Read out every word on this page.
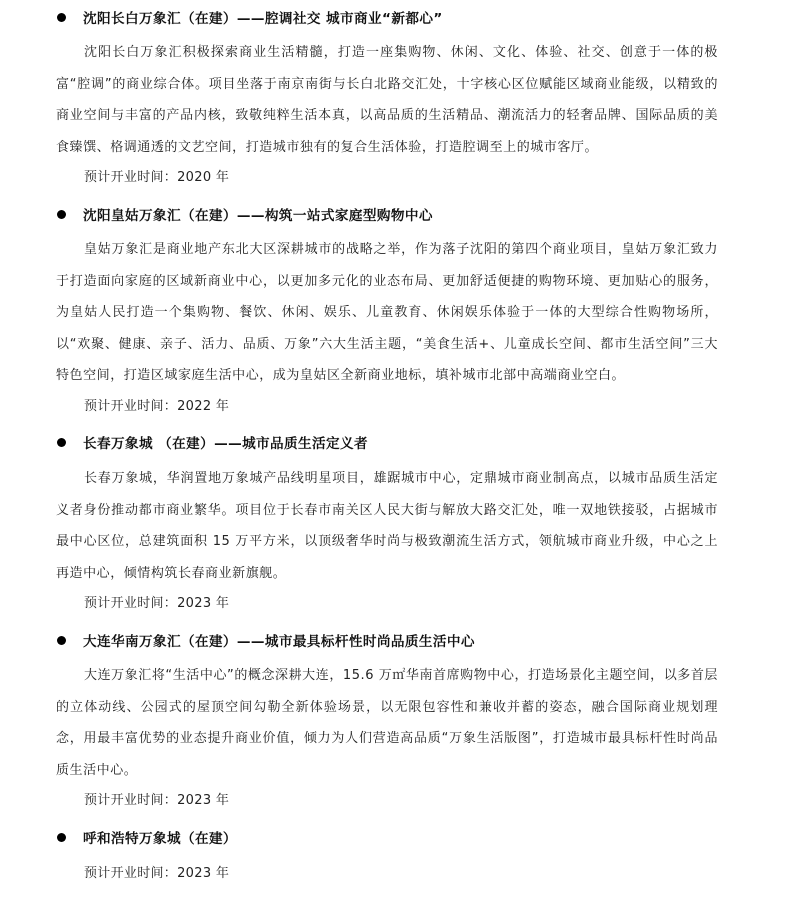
沈阳长白万象汇（在建）——腔调社交 城市商业“新都心”

沈阳长白万象汇积极探索商业生活精髓，打造一座集购物、休闲、文化、体验、社交、创意于一体的极富“腔调”的商业综合体。项目坐落于南京南街与长白北路交汇处，十字核心区位赋能区域商业能级，以精致的商业空间与丰富的产品内核，致敬纯粹生活本真，以高品质的生活精品、潮流活力的轻奢品牌、国际品质的美食臻馔、格调通透的文艺空间，打造城市独有的复合生活体验，打造腔调至上的城市客厅。

预计开业时间：2020 年
沈阳皇姑万象汇（在建）——构筑一站式家庭型购物中心

皇姑万象汇是商业地产东北大区深耕城市的战略之举，作为落子沈阳的第四个商业项目，皇姑万象汇致力于打造面向家庭的区域新商业中心，以更加多元化的业态布局、更加舒适便捷的购物环境、更加贴心的服务，为皇姑人民打造一个集购物、餐饮、休闲、娱乐、儿童教育、休闲娱乐体验于一体的大型综合性购物场所，以“欢聚、健康、亲子、活力、品质、万象”六大生活主题，“美食生活+、儿童成长空间、都市生活空间”三大特色空间，打造区域家庭生活中心，成为皇姑区全新商业地标，填补城市北部中高端商业空白。

预计开业时间：2022 年
长春万象城 （在建）——城市品质生活定义者

长春万象城，华润置地万象城产品线明星项目，雄踞城市中心，定鼎城市商业制高点，以城市品质生活定义者身份推动都市商业繁华。项目位于长春市南关区人民大街与解放大路交汇处，唯一双地铁接驳，占据城市最中心区位，总建筑面积 15 万平方米，以顶级奢华时尚与极致潮流生活方式，领航城市商业升级，中心之上再造中心，倾情构筑长春商业新旗舰。

预计开业时间：2023 年
大连华南万象汇（在建）——城市最具标杆性时尚品质生活中心

大连万象汇将“生活中心”的概念深耕大连，15.6 万㎡华南首席购物中心，打造场景化主题空间，以多首层的立体动线、公园式的屋顶空间勾勒全新体验场景，以无限包容性和兼收并蓄的姿态，融合国际商业规划理念，用最丰富优势的业态提升商业价值，倾力为人们营造高品质“万象生活版图”，打造城市最具标杆性时尚品质生活中心。

预计开业时间：2023 年
呼和浩特万象城（在建）
预计开业时间：2023 年
